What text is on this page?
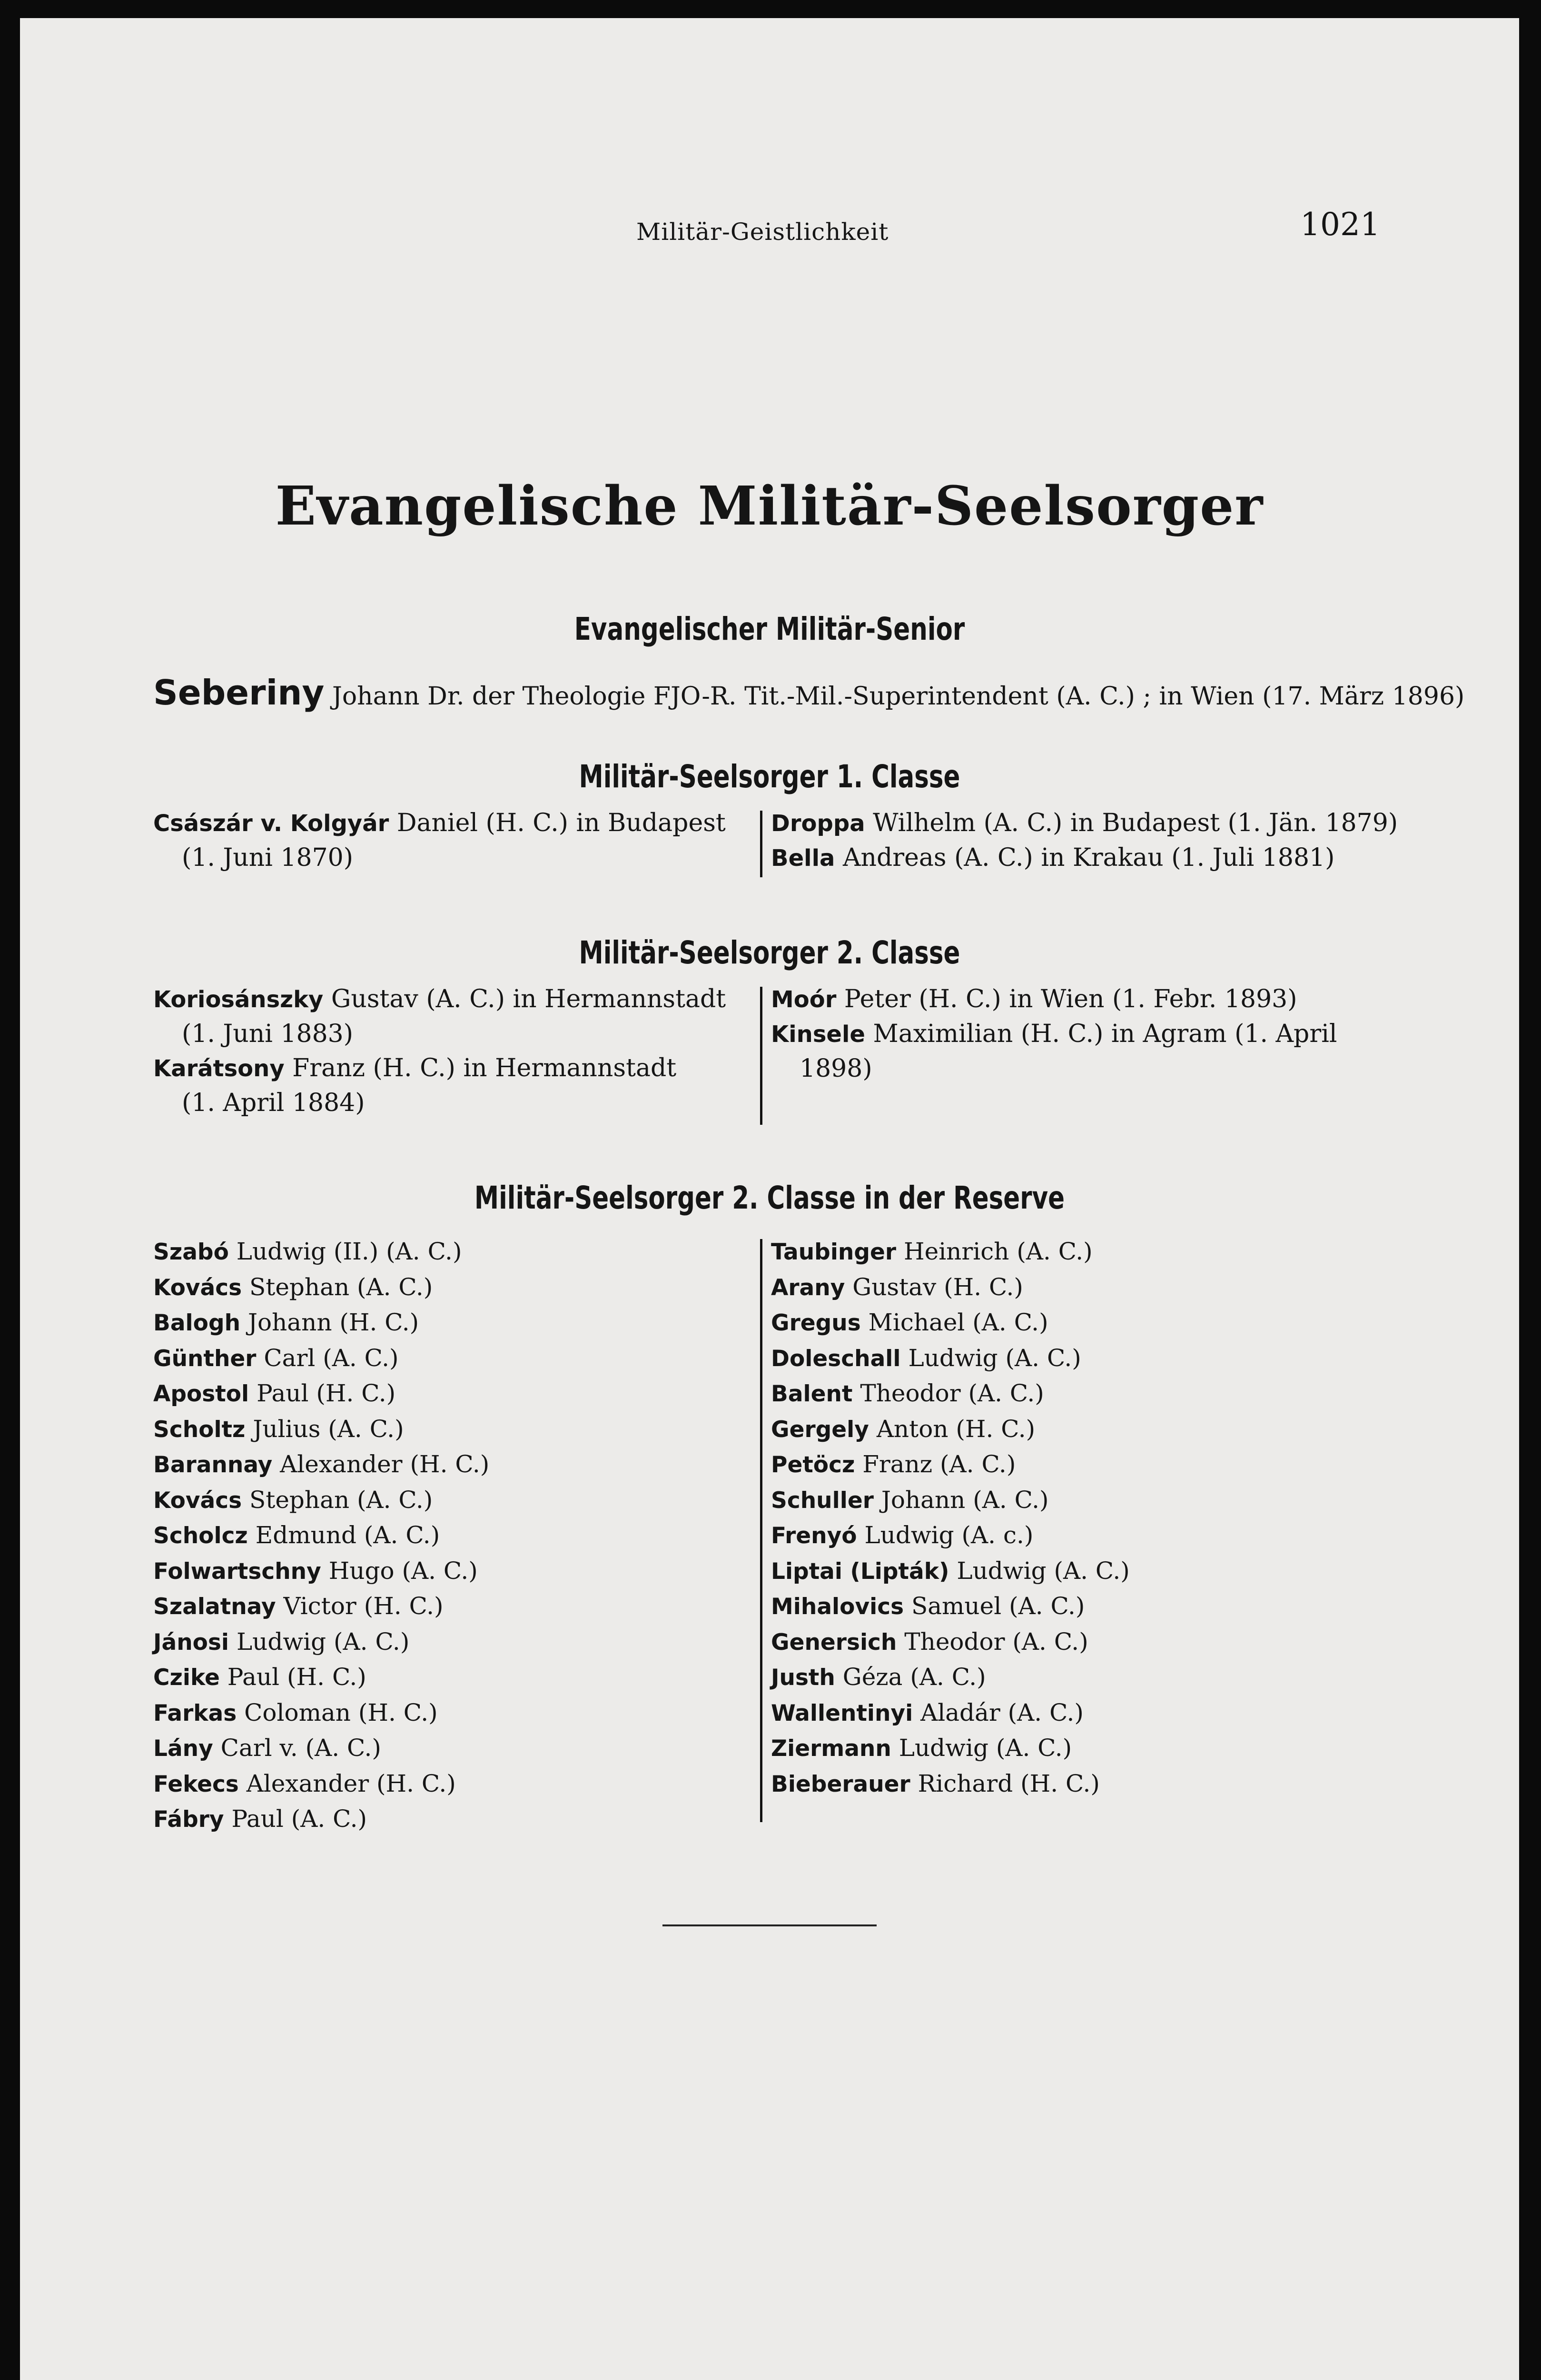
Militär-Geistlichkeit	1021
Evangelische Militär-Seelsorger
Evangelischer Militär-Senior
Seberiny Johann Dr. der Theologie FJO-R. Tit.-Mil.-Superintendent (A. C.) ; in Wien (17. März 1896)
Militär-Seelsorger 1. Classe
Császár v. Kolgyár Daniel (H. C.) in Budapest
(1. Juni 1870)
Droppa Wilhelm (A. C.) in Budapest (1. Jän. 1879)
Bella Andreas (A. C.) in Krakau (1. Juli 1881)
Militär-Seelsorger 2. Classe
Koriosánszky Gustav (A. C.) in Hermannstadt
(1. Juni 1883)
Karátsony Franz (H. C.) in Hermannstadt
(1. April 1884)
Moór Peter (H. C.) in Wien (1. Febr. 1893)
Kinsele Maximilian (H. C.) in Agram (1. April
1898)
Militär-Seelsorger 2. Classe in der Reserve
Szabó Ludwig (II.) (A. C.)
Kovács Stephan (A. C.)
Balogh Johann (H. C.)
Günther Carl (A. C.)
Apostol Paul (H. C.)
Scholtz Julius (A. C.)
Barannay Alexander (H. C.)
Kovács Stephan (A. C.)
Scholcz Edmund (A. C.)
Folwartschny Hugo (A. C.)
Szalatnay Victor (H. C.)
Jánosi Ludwig (A. C.)
Czike Paul (H. C.)
Farkas Coloman (H. C.)
Lány Carl v. (A. C.)
Fekecs Alexander (H. C.)
Fábry Paul (A. C.)
Taubinger Heinrich (A. C.)
Arany Gustav (H. C.)
Gregus Michael (A. C.)
Doleschall Ludwig (A. C.)
Balent Theodor (A. C.)
Gergely Anton (H. C.)
Petöcz Franz (A. C.)
Schuller Johann (A. C.)
Frenyó Ludwig (A. c.)
Liptai (Lipták) Ludwig (A. C.)
Mihalovics Samuel (A. C.)
Genersich Theodor (A. C.)
Justh Géza (A. C.)
Wallentinyi Aladár (A. C.)
Ziermann Ludwig (A. C.)
Bieberauer Richard (H. C.)
